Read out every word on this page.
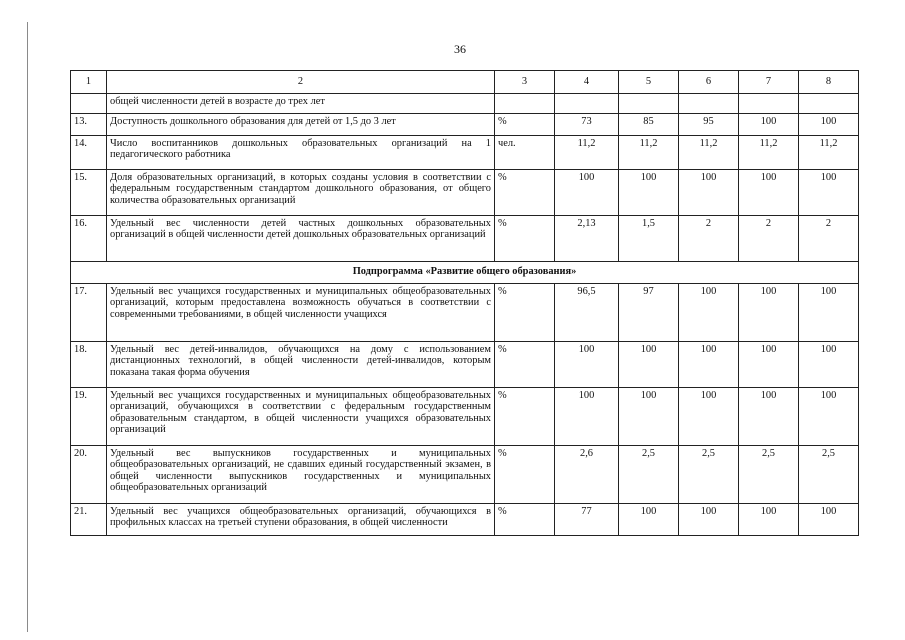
36
1	2	3	4	5	6	7	8
	общей численности детей в возрасте до трех лет						
13.	Доступность дошкольного образования для детей от 1,5 до 3 лет	%	73	85	95	100	100
14.	Число воспитанников дошкольных образовательных организаций на 1 педагогического работника	чел.	11,2	11,2	11,2	11,2	11,2
15.	Доля образовательных организаций, в которых созданы условия в соответствии с федеральным государственным стандартом дошкольного образования, от общего количества образовательных организаций	%	100	100	100	100	100
16.	Удельный вес численности детей частных дошкольных образовательных организаций в общей численности детей дошкольных образовательных организаций	%	2,13	1,5	2	2	2
Подпрограмма «Развитие общего образования»							
17.	Удельный вес учащихся государственных и муниципальных общеобразовательных организаций, которым предоставлена возможность обучаться в соответствии с современными требованиями, в общей численности учащихся	%	96,5	97	100	100	100
18.	Удельный вес детей-инвалидов, обучающихся на дому с использованием дистанционных технологий, в общей численности детей-инвалидов, которым показана такая форма обучения	%	100	100	100	100	100
19.	Удельный вес учащихся государственных и муниципальных общеобразовательных организаций, обучающихся в соответствии с федеральным государственным образовательным стандартом, в общей численности учащихся образовательных организаций	%	100	100	100	100	100
20.	Удельный вес выпускников государственных и муниципальных общеобразовательных организаций, не сдавших единый государственный экзамен, в общей численности выпускников государственных и муниципальных общеобразовательных организаций	%	2,6	2,5	2,5	2,5	2,5
21.	Удельный вес учащихся общеобразовательных организаций, обучающихся в профильных классах на третьей ступени образования, в общей численности	%	77	100	100	100	100
